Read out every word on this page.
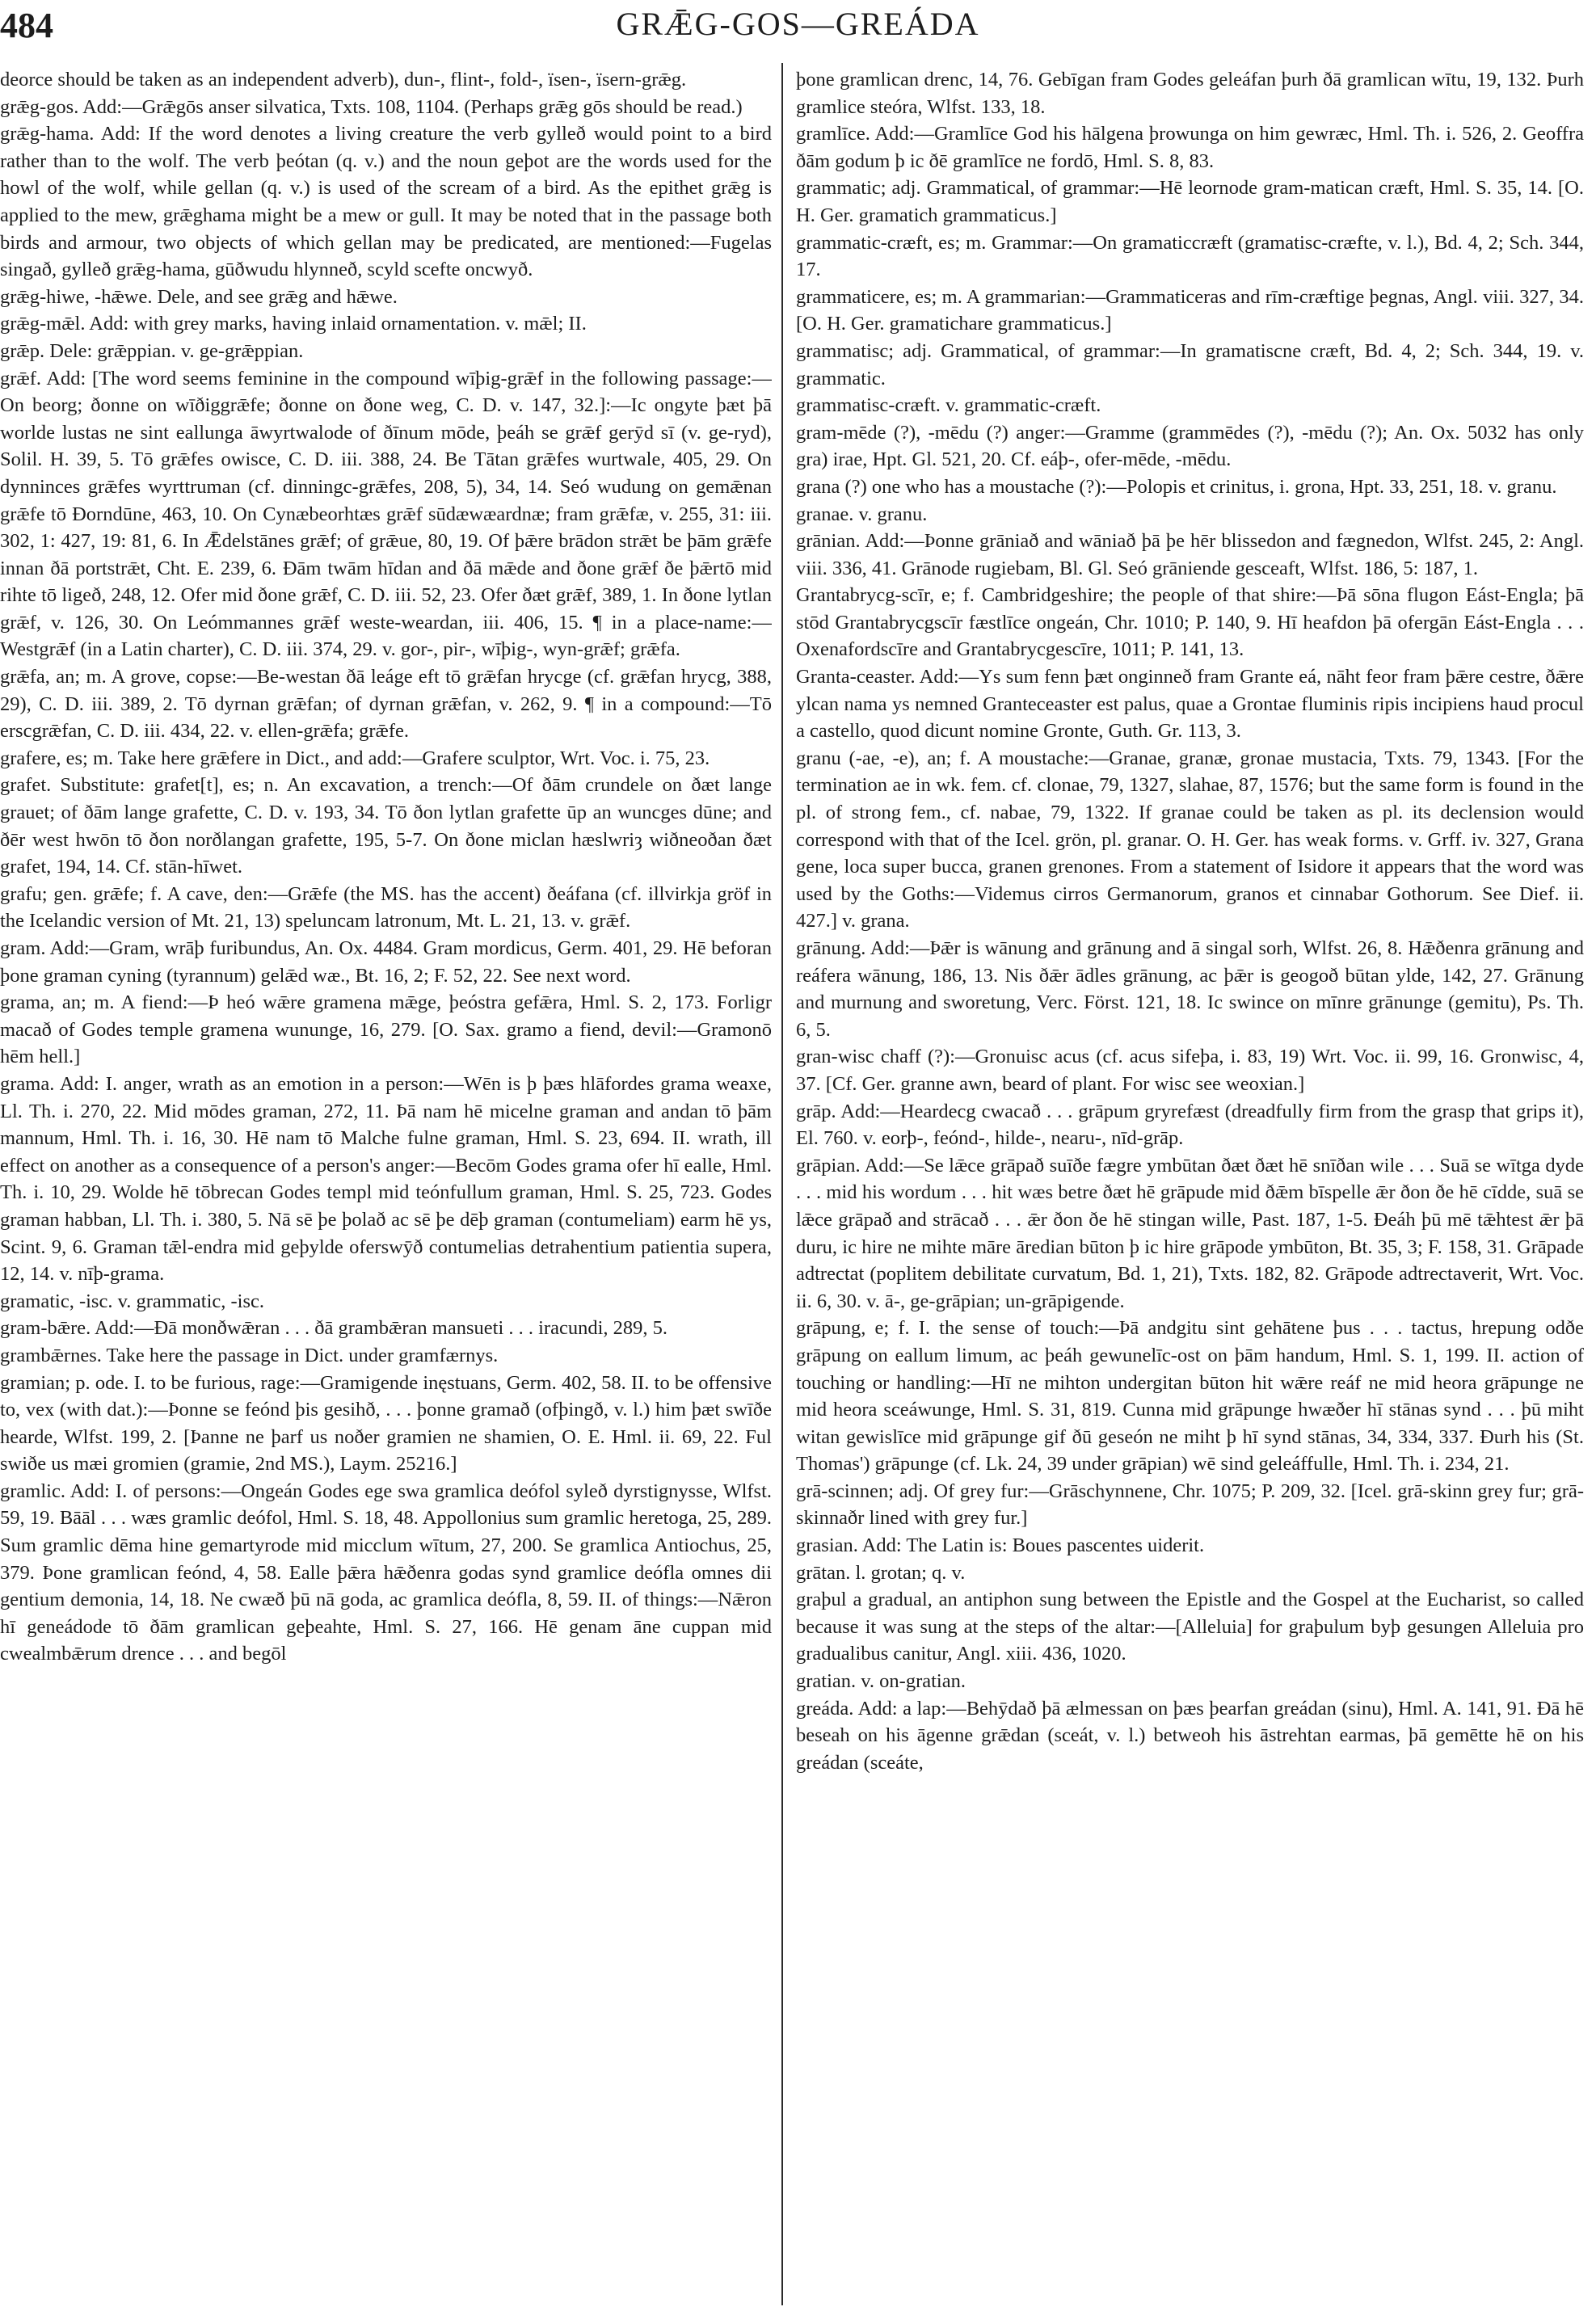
484	GRǢG-GOS—GREÁDA

deorce should be taken as an independent adverb), dun-, flint-, fold-, ïsen-, ïsern-grǣg.

grǣg-gos. Add:—Grǣgōs anser silvatica, Txts. 108, 1104. (Perhaps grǣg gōs should be read.)

grǣg-hama. Add: If the word denotes a living creature the verb gylleð would point to a bird rather than to the wolf. The verb þeótan (q. v.) and the noun geþot are the words used for the howl of the wolf, while gellan (q. v.) is used of the scream of a bird. As the epithet grǣg is applied to the mew, grǣghama might be a mew or gull. It may be noted that in the passage both birds and armour, two objects of which gellan may be predicated, are mentioned:—Fugelas singað, gylleð grǣg-hama, gūðwudu hlynneð, scyld scefte oncwyð.

grǣg-hiwe, -hǣwe. Dele, and see grǣg and hǣwe.

grǣg-mǣl. Add: with grey marks, having inlaid ornamentation. v. mǣl; II.

grǣp. Dele: grǣppian. v. ge-grǣppian.

grǣf. Add: [The word seems feminine in the compound wīþig-grǣf in the following passage:—On beorg; ðonne on wīðiggrǣfe; ðonne on ðone weg, C. D. v. 147, 32.]:—Ic ongyte þæt þā worlde lustas ne sint eallunga āwyrtwalode of ðīnum mōde, þeáh se grǣf gerȳd sī (v. ge-ryd), Solil. H. 39, 5. Tō grǣfes owisce, C. D. iii. 388, 24. Be Tātan grǣfes wurtwale, 405, 29. On dynninces grǣfes wyrttruman (cf. dinningc-grǣfes, 208, 5), 34, 14. Seó wudung on gemǣnan grǣfe tō Ðorndūne, 463, 10. On Cynæbeorhtæs grǣf sūdæwæardnæ; fram grǣfæ, v. 255, 31: iii. 302, 1: 427, 19: 81, 6. In Ǣdelstānes grǣf; of grǣue, 80, 19. Of þǣre brādon strǣt be þām grǣfe innan ðā portstrǣt, Cht. E. 239, 6. Ðām twām hīdan and ðā mǣde and ðone grǣf ðe þǣrtō mid rihte tō ligeð, 248, 12. Ofer mid ðone grǣf, C. D. iii. 52, 23. Ofer ðæt grǣf, 389, 1. In ðone lytlan grǣf, v. 126, 30. On Leómmannes grǣf weste-weardan, iii. 406, 15. ¶ in a place-name:—Westgrǣf (in a Latin charter), C. D. iii. 374, 29. v. gor-, pir-, wīþig-, wyn-grǣf; grǣfa.

grǣfa, an; m. A grove, copse:—Be-westan ðā leáge eft tō grǣfan hrycge (cf. grǣfan hrycg, 388, 29), C. D. iii. 389, 2. Tō dyrnan grǣfan; of dyrnan grǣfan, v. 262, 9. ¶ in a compound:—Tō erscgrǣfan, C. D. iii. 434, 22. v. ellen-grǣfa; grǣfe.

grafere, es; m. Take here grǣfere in Dict., and add:—Grafere sculptor, Wrt. Voc. i. 75, 23.

grafet. Substitute: grafet[t], es; n. An excavation, a trench:—Of ðām crundele on ðæt lange grauet; of ðām lange grafette, C. D. v. 193, 34. Tō ðon lytlan grafette ūp an wuncges dūne; and ðēr west hwōn tō ðon norðlangan grafette, 195, 5-7. On ðone miclan hæslwriȝ wiðneoðan ðæt grafet, 194, 14. Cf. stān-hīwet.

grafu; gen. grǣfe; f. A cave, den:—Grǣfe (the MS. has the accent) ðeáfana (cf. illvirkja gröf in the Icelandic version of Mt. 21, 13) speluncam latronum, Mt. L. 21, 13. v. grǣf.

gram. Add:—Gram, wrāþ furibundus, An. Ox. 4484. Gram mordicus, Germ. 401, 29. Hē beforan þone graman cyning (tyrannum) gelǣd wæ., Bt. 16, 2; F. 52, 22. See next word.

grama, an; m. A fiend:—Þ heó wǣre gramena mǣge, þeóstra gefǣra, Hml. S. 2, 173. Forligr macað of Godes temple gramena wununge, 16, 279. [O. Sax. gramo a fiend, devil:—Gramonō hēm hell.]

grama. Add: I. anger, wrath as an emotion in a person:—Wēn is þ þæs hlāfordes grama weaxe, Ll. Th. i. 270, 22. Mid mōdes graman, 272, 11. Þā nam hē micelne graman and andan tō þām mannum, Hml. Th. i. 16, 30. Hē nam tō Malche fulne graman, Hml. S. 23, 694. II. wrath, ill effect on another as a consequence of a person's anger:—Becōm Godes grama ofer hī ealle, Hml. Th. i. 10, 29. Wolde hē tōbrecan Godes templ mid teónfullum graman, Hml. S. 25, 723. Godes graman habban, Ll. Th. i. 380, 5. Nā sē þe þolað ac sē þe dēþ graman (contumeliam) earm hē ys, Scint. 9, 6. Graman tǣl-endra mid geþylde oferswȳð contumelias detrahentium patientia supera, 12, 14. v. nīþ-grama.

gramatic, -isc. v. grammatic, -isc.

gram-bǣre. Add:—Ðā monðwǣran . . . ðā grambǣran mansueti . . . iracundi, 289, 5.

grambǣrnes. Take here the passage in Dict. under gramfærnys.

gramian; p. ode. I. to be furious, rage:—Gramigende inęstuans, Germ. 402, 58. II. to be offensive to, vex (with dat.):—Þonne se feónd þis gesihð, . . . þonne gramað (ofþingð, v. l.) him þæt swīðe hearde, Wlfst. 199, 2. [Þanne ne þarf us noðer gramien ne shamien, O. E. Hml. ii. 69, 22. Ful swiðe us mæi gromien (gramie, 2nd MS.), Laym. 25216.]

gramlic. Add: I. of persons:—Ongeán Godes ege swa gramlica deófol syleð dyrstignysse, Wlfst. 59, 19. Bāāl . . . wæs gramlic deófol, Hml. S. 18, 48. Appollonius sum gramlic heretoga, 25, 289. Sum gramlic dēma hine gemartyrode mid micclum wītum, 27, 200. Se gramlica Antiochus, 25, 379. Þone gramlican feónd, 4, 58. Ealle þǣra hǣðenra godas synd gramlice deófla omnes dii gentium demonia, 14, 18. Ne cwæð þū nā goda, ac gramlica deófla, 8, 59. II. of things:—Nǣron hī geneádode tō ðām gramlican geþeahte, Hml. S. 27, 166. Hē genam āne cuppan mid cwealmbǣrum drence . . . and begōl

þone gramlican drenc, 14, 76. Gebīgan fram Godes geleáfan þurh ðā gramlican wītu, 19, 132. Þurh gramlice steóra, Wlfst. 133, 18.

gramlīce. Add:—Gramlīce God his hālgena þrowunga on him gewræc, Hml. Th. i. 526, 2. Geoffra ðām godum þ ic ðē gramlīce ne fordō, Hml. S. 8, 83.

grammatic; adj. Grammatical, of grammar:—Hē leornode gram-matican cræft, Hml. S. 35, 14. [O. H. Ger. gramatich grammaticus.]

grammatic-cræft, es; m. Grammar:—On gramaticcræft (gramatisc-cræfte, v. l.), Bd. 4, 2; Sch. 344, 17.

grammaticere, es; m. A grammarian:—Grammaticeras and rīm-cræftige þegnas, Angl. viii. 327, 34. [O. H. Ger. gramatichare grammaticus.]

grammatisc; adj. Grammatical, of grammar:—In gramatiscne cræft, Bd. 4, 2; Sch. 344, 19. v. grammatic.

grammatisc-cræft. v. grammatic-cræft.

gram-mēde (?), -mēdu (?) anger:—Gramme (grammēdes (?), -mēdu (?); An. Ox. 5032 has only gra) irae, Hpt. Gl. 521, 20. Cf. eáþ-, ofer-mēde, -mēdu.

grana (?) one who has a moustache (?):—Polopis et crinitus, i. grona, Hpt. 33, 251, 18. v. granu.

granae. v. granu.

grānian. Add:—Þonne grāniað and wāniað þā þe hēr blissedon and fægnedon, Wlfst. 245, 2: Angl. viii. 336, 41. Grānode rugiebam, Bl. Gl. Seó grāniende gesceaft, Wlfst. 186, 5: 187, 1.

Grantabrycg-scīr, e; f. Cambridgeshire; the people of that shire:—Þā sōna flugon Eást-Engla; þā stōd Grantabrycgscīr fæstlīce ongeán, Chr. 1010; P. 140, 9. Hī heafdon þā ofergān Eást-Engla . . . Oxenafordscīre and Grantabrycgescīre, 1011; P. 141, 13.

Granta-ceaster. Add:—Ys sum fenn þæt onginneð fram Grante eá, nāht feor fram þǣre cestre, ðǣre ylcan nama ys nemned Granteceaster est palus, quae a Grontae fluminis ripis incipiens haud procul a castello, quod dicunt nomine Gronte, Guth. Gr. 113, 3.

granu (-ae, -e), an; f. A moustache:—Granae, granæ, gronae mustacia, Txts. 79, 1343. [For the termination ae in wk. fem. cf. clonae, 79, 1327, slahae, 87, 1576; but the same form is found in the pl. of strong fem., cf. nabae, 79, 1322. If granae could be taken as pl. its declension would correspond with that of the Icel. grön, pl. granar. O. H. Ger. has weak forms. v. Grff. iv. 327, Grana gene, loca super bucca, granen grenones. From a statement of Isidore it appears that the word was used by the Goths:—Videmus cirros Germanorum, granos et cinnabar Gothorum. See Dief. ii. 427.] v. grana.

grānung. Add:—Þǣr is wānung and grānung and ā singal sorh, Wlfst. 26, 8. Hǣðenra grānung and reáfera wānung, 186, 13. Nis ðǣr ādles grānung, ac þǣr is geogoð būtan ylde, 142, 27. Grānung and murnung and sworetung, Verc. Först. 121, 18. Ic swince on mīnre grānunge (gemitu), Ps. Th. 6, 5.

gran-wisc chaff (?):—Gronuisc acus (cf. acus sifeþa, i. 83, 19) Wrt. Voc. ii. 99, 16. Gronwisc, 4, 37. [Cf. Ger. granne awn, beard of plant. For wisc see weoxian.]

grāp. Add:—Heardecg cwacað . . . grāpum gryrefæst (dreadfully firm from the grasp that grips it), El. 760. v. eorþ-, feónd-, hilde-, nearu-, nīd-grāp.

grāpian. Add:—Se lǣce grāpað suīðe fægre ymbūtan ðæt ðæt hē snīðan wile . . . Suā se wītga dyde . . . mid his wordum . . . hit wæs betre ðæt hē grāpude mid ðǣm bīspelle ǣr ðon ðe hē cīdde, suā se lǣce grāpað and strācað . . . ǣr ðon ðe hē stingan wille, Past. 187, 1-5. Ðeáh þū mē tǣhtest ǣr þā duru, ic hire ne mihte māre āredian būton þ ic hire grāpode ymbūton, Bt. 35, 3; F. 158, 31. Grāpade adtrectat (poplitem debilitate curvatum, Bd. 1, 21), Txts. 182, 82. Grāpode adtrectaverit, Wrt. Voc. ii. 6, 30. v. ā-, ge-grāpian; un-grāpigende.

grāpung, e; f. I. the sense of touch:—Þā andgitu sint gehātene þus . . . tactus, hrepung odðe grāpung on eallum limum, ac þeáh gewunelīc-ost on þām handum, Hml. S. 1, 199. II. action of touching or handling:—Hī ne mihton undergitan būton hit wǣre reáf ne mid heora grāpunge ne mid heora sceáwunge, Hml. S. 31, 819. Cunna mid grāpunge hwæðer hī stānas synd . . . þū miht witan gewislīce mid grāpunge gif ðū geseón ne miht þ hī synd stānas, 34, 334, 337. Ðurh his (St. Thomas') grāpunge (cf. Lk. 24, 39 under grāpian) wē sind geleáffulle, Hml. Th. i. 234, 21.

grā-scinnen; adj. Of grey fur:—Grāschynnene, Chr. 1075; P. 209, 32. [Icel. grā-skinn grey fur; grā-skinnaðr lined with grey fur.]

grasian. Add: The Latin is: Boues pascentes uiderit.

grātan. l. grotan; q. v.

graþul a gradual, an antiphon sung between the Epistle and the Gospel at the Eucharist, so called because it was sung at the steps of the altar:—[Alleluia] for graþulum byþ gesungen Alleluia pro gradualibus canitur, Angl. xiii. 436, 1020.

gratian. v. on-gratian.

greáda. Add: a lap:—Behȳdað þā ælmessan on þæs þearfan greádan (sinu), Hml. A. 141, 91. Ðā hē beseah on his āgenne grǣdan (sceát, v. l.) betweoh his āstrehtan earmas, þā gemētte hē on his greádan (sceáte,
